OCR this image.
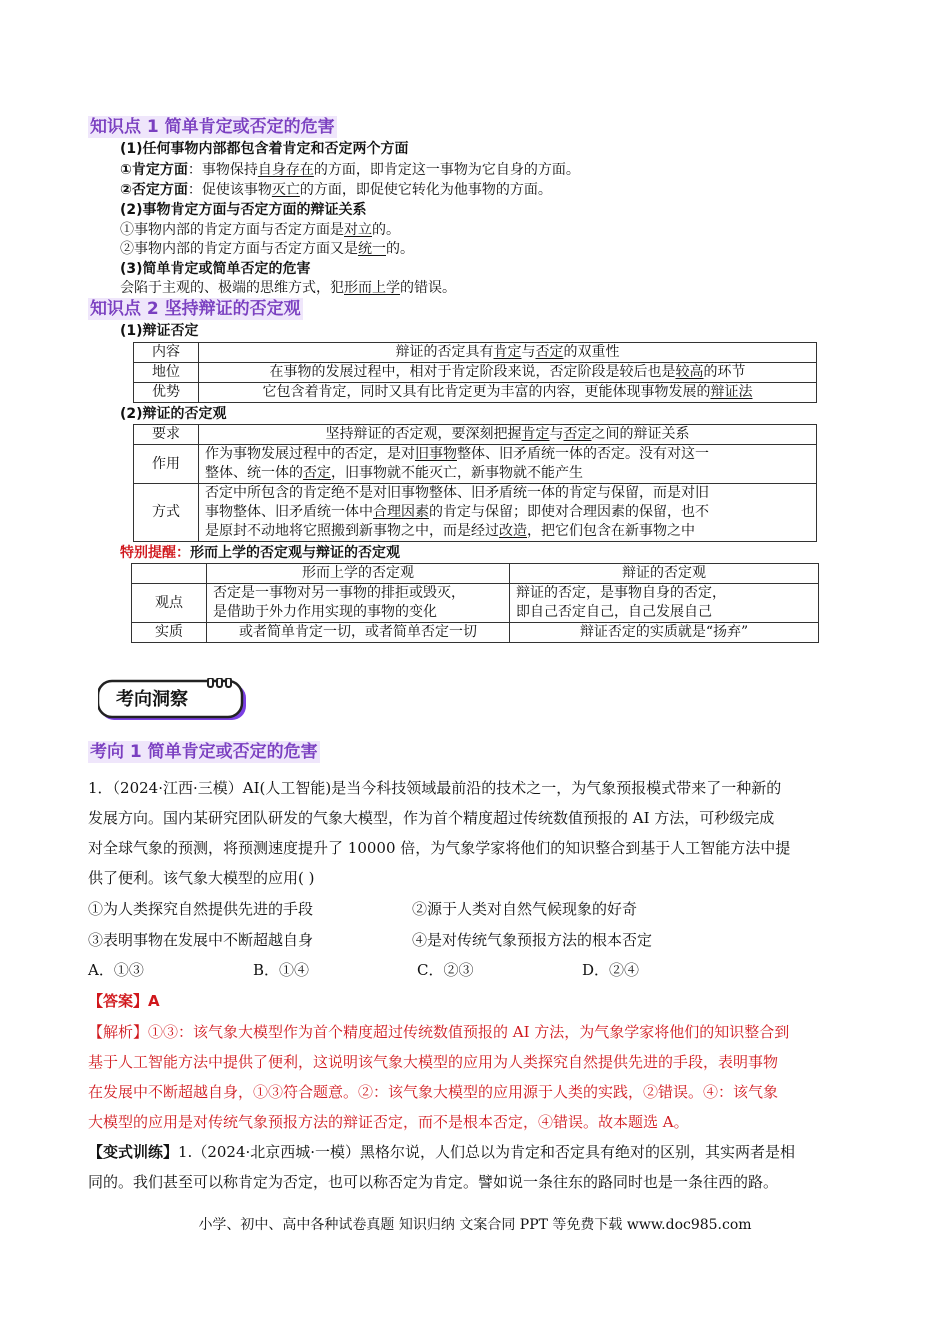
知识点 1 简单肯定或否定的危害
(1)任何事物内部都包含着肯定和否定两个方面
①肯定方面：事物保持自身存在的方面，即肯定这一事物为它自身的方面。
②否定方面：促使该事物灭亡的方面，即促使它转化为他事物的方面。
(2)事物肯定方面与否定方面的辩证关系
①事物内部的肯定方面与否定方面是对立的。
②事物内部的肯定方面与否定方面又是统一的。
(3)简单肯定或简单否定的危害
会陷于主观的、极端的思维方式，犯形而上学的错误。
知识点 2 坚持辩证的否定观
(1)辩证否定
内容	辩证的否定具有肯定与否定的双重性
地位	在事物的发展过程中，相对于肯定阶段来说，否定阶段是较后也是较高的环节
优势	它包含着肯定，同时又具有比肯定更为丰富的内容，更能体现事物发展的辩证法
(2)辩证的否定观
要求	坚持辩证的否定观，要深刻把握肯定与否定之间的辩证关系
作用	作为事物发展过程中的否定，是对旧事物整体、旧矛盾统一体的否定。没有对这一
整体、统一体的否定，旧事物就不能灭亡，新事物就不能产生
方式	否定中所包含的肯定绝不是对旧事物整体、旧矛盾统一体的肯定与保留，而是对旧
事物整体、旧矛盾统一体中合理因素的肯定与保留；即使对合理因素的保留，也不
是原封不动地将它照搬到新事物之中，而是经过改造，把它们包含在新事物之中
特别提醒：形而上学的否定观与辩证的否定观
	形而上学的否定观	辩证的否定观
观点	否定是一事物对另一事物的排拒或毁灭，
是借助于外力作用实现的事物的变化	辩证的否定，是事物自身的否定，
即自己否定自己，自己发展自己
实质	或者简单肯定一切，或者简单否定一切	辩证否定的实质就是“扬弃”
考向洞察
考向 1 简单肯定或否定的危害
1．（2024·江西·三模）AI(人工智能)是当今科技领域最前沿的技术之一，为气象预报模式带来了一种新的
发展方向。国内某研究团队研发的气象大模型，作为首个精度超过传统数值预报的 AI 方法，可秒级完成
对全球气象的预测，将预测速度提升了 10000 倍，为气象学家将他们的知识整合到基于人工智能方法中提
供了便利。该气象大模型的应用( )
①为人类探究自然提供先进的手段	②源于人类对自然气候现象的好奇
③表明事物在发展中不断超越自身	④是对传统气象预报方法的根本否定
A．①③	B．①④	C．②③	D．②④
【答案】A
【解析】①③：该气象大模型作为首个精度超过传统数值预报的 AI 方法，为气象学家将他们的知识整合到
基于人工智能方法中提供了便利，这说明该气象大模型的应用为人类探究自然提供先进的手段，表明事物
在发展中不断超越自身，①③符合题意。②：该气象大模型的应用源于人类的实践，②错误。④：该气象
大模型的应用是对传统气象预报方法的辩证否定，而不是根本否定，④错误。故本题选 A。
【变式训练】1.（2024·北京西城·一模）黑格尔说，人们总以为肯定和否定具有绝对的区别，其实两者是相
同的。我们甚至可以称肯定为否定，也可以称否定为肯定。譬如说一条往东的路同时也是一条往西的路。
小学、初中、高中各种试卷真题 知识归纳 文案合同 PPT 等免费下载 www.doc985.com
